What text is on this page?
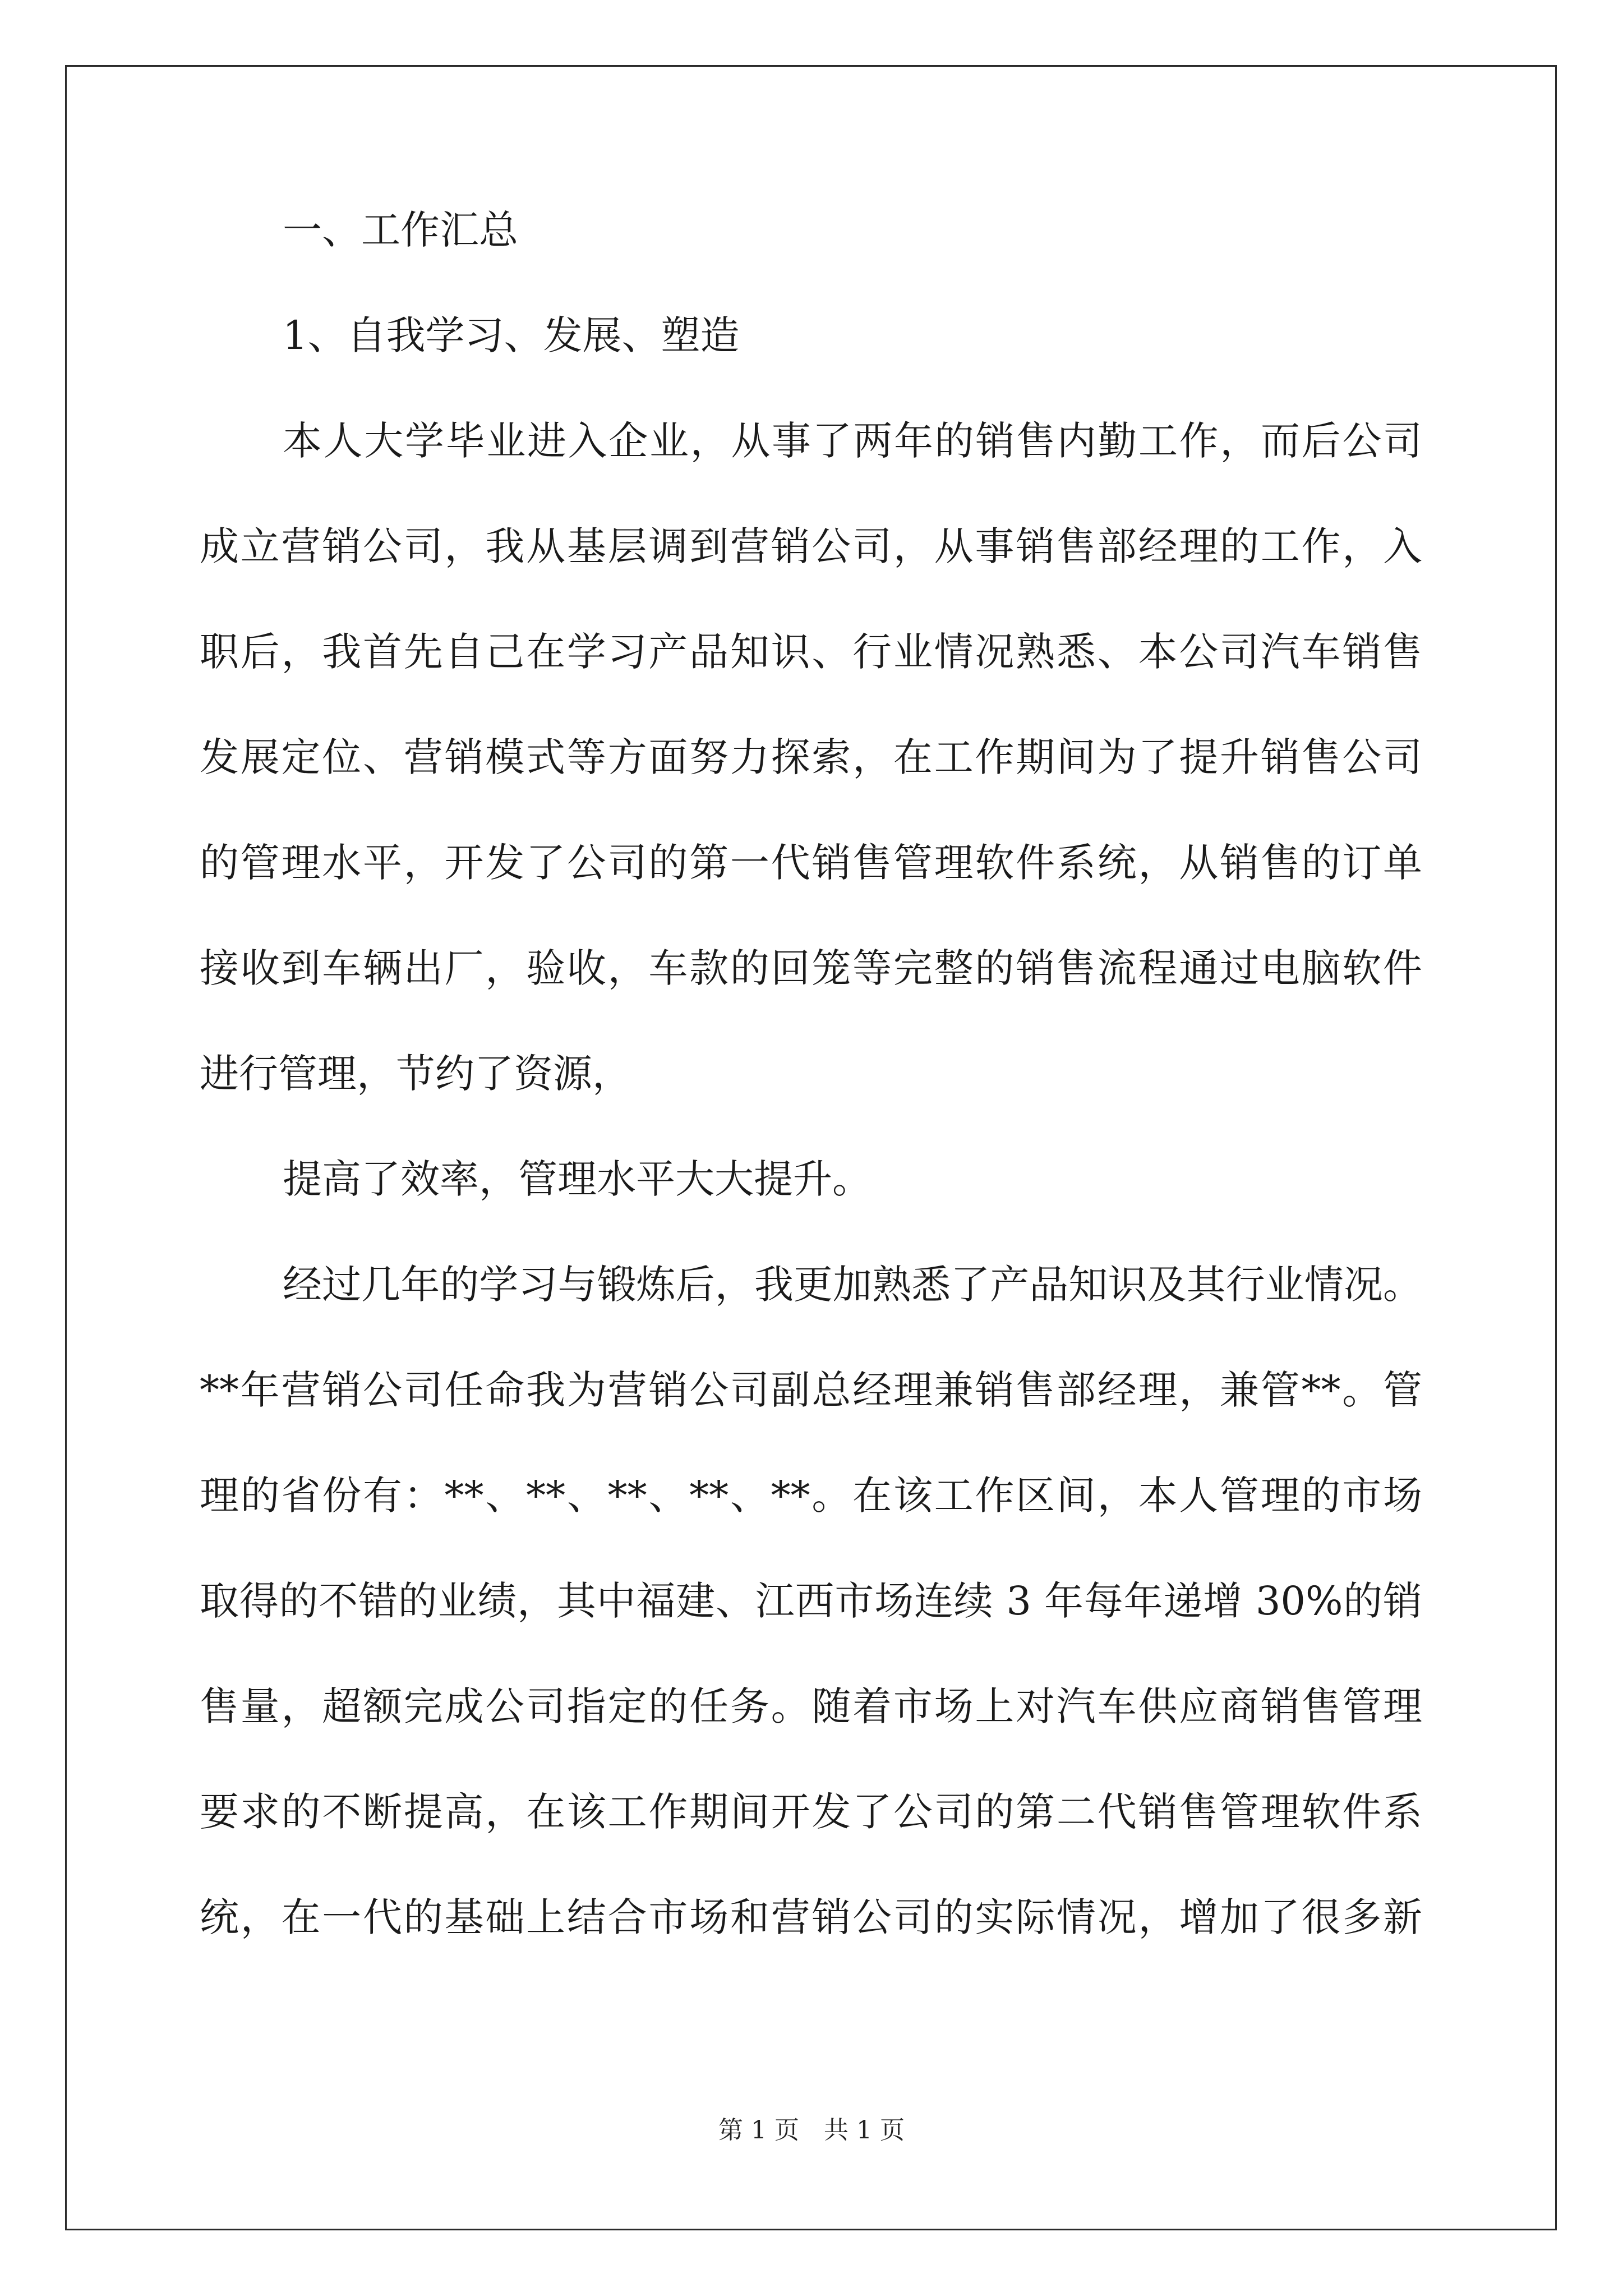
一、工作汇总
1、自我学习、发展、塑造
本人大学毕业进入企业，从事了两年的销售内勤工作，而后公司
成立营销公司，我从基层调到营销公司，从事销售部经理的工作，入
职后，我首先自己在学习产品知识、行业情况熟悉、本公司汽车销售
发展定位、营销模式等方面努力探索，在工作期间为了提升销售公司
的管理水平，开发了公司的第一代销售管理软件系统，从销售的订单
接收到车辆出厂，验收，车款的回笼等完整的销售流程通过电脑软件
进行管理，节约了资源，
提高了效率，管理水平大大提升。
经过几年的学习与锻炼后，我更加熟悉了产品知识及其行业情况。
**年营销公司任命我为营销公司副总经理兼销售部经理，兼管**。管
理的省份有：**、**、**、**、**。在该工作区间，本人管理的市场
取得的不错的业绩，其中福建、江西市场连续 3 年每年递增 30%的销
售量，超额完成公司指定的任务。随着市场上对汽车供应商销售管理
要求的不断提高，在该工作期间开发了公司的第二代销售管理软件系
统，在一代的基础上结合市场和营销公司的实际情况，增加了很多新
第 1 页　共 1 页
